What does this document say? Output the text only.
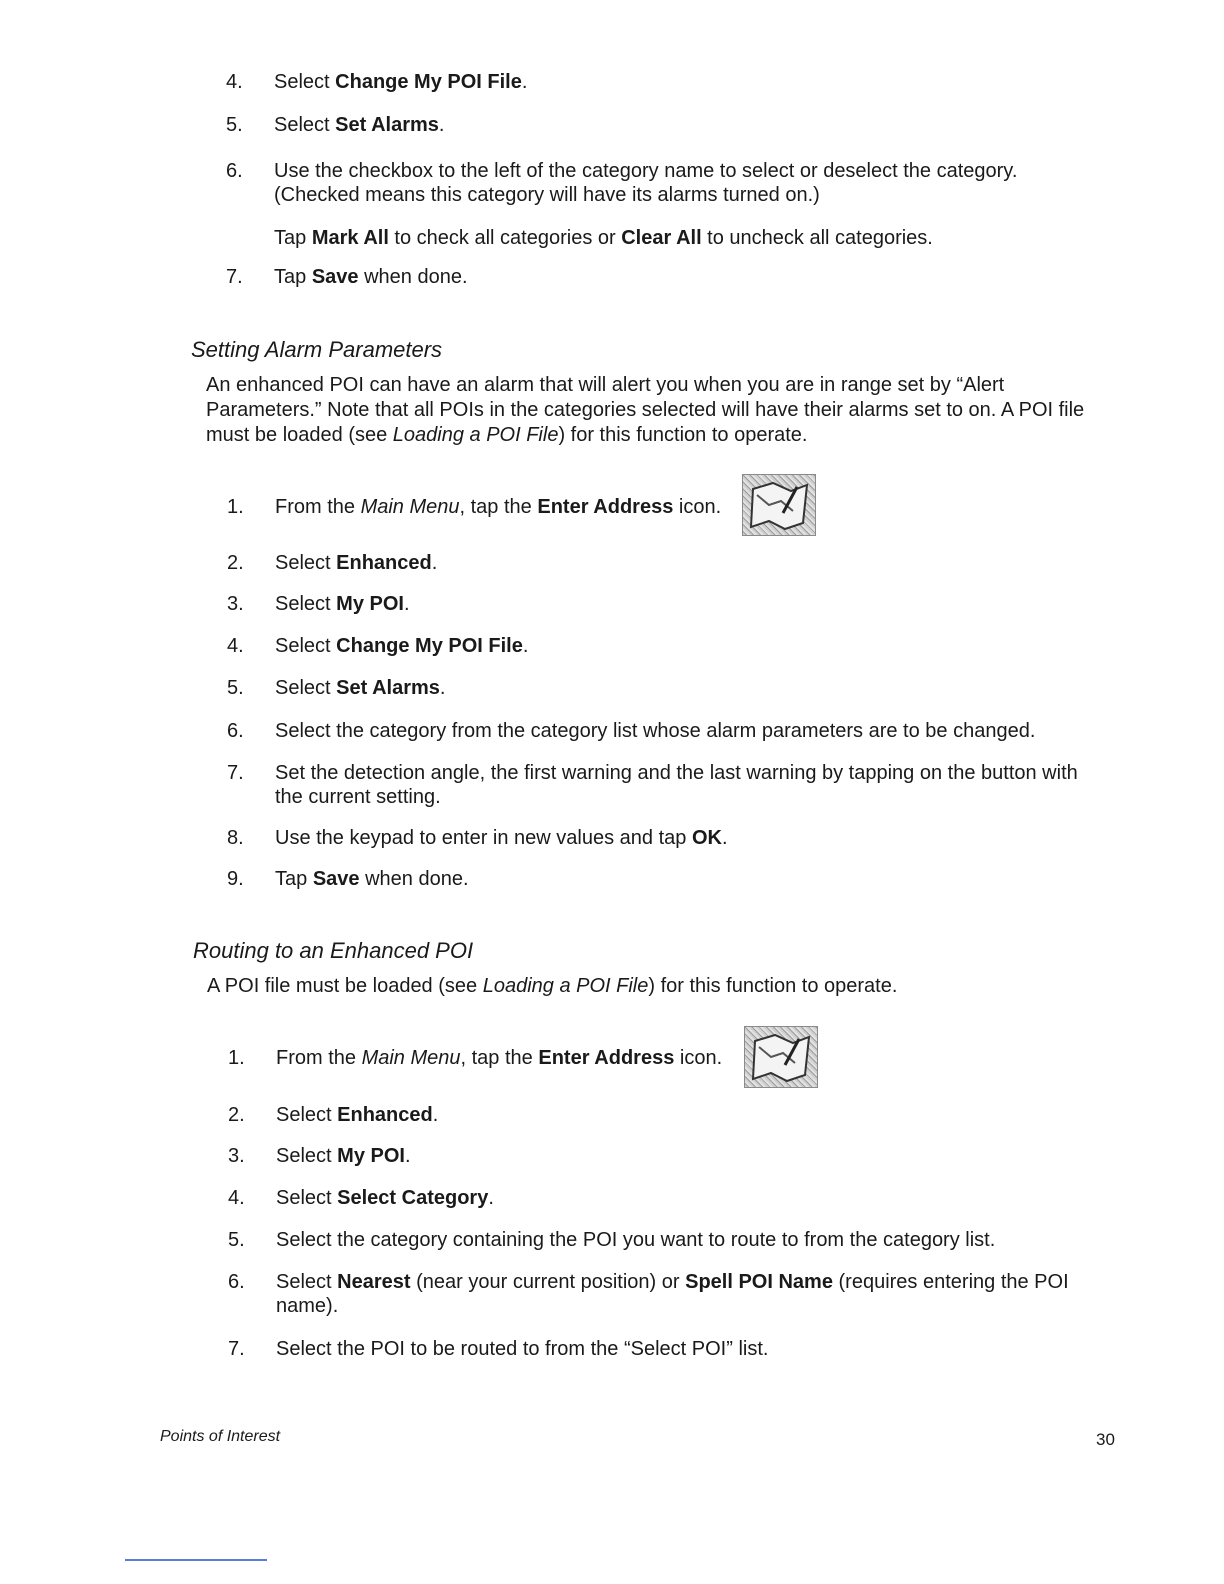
4.	Select Change My POI File.
5.	Select Set Alarms.
6.	Use the checkbox to the left of the category name to select or deselect the category.
(Checked means this category will have its alarms turned on.)
Tap Mark All to check all categories or Clear All to uncheck all categories.
7.	Tap Save when done.
Setting Alarm Parameters
An enhanced POI can have an alarm that will alert you when you are in range set by “Alert Parameters.” Note that all POIs in the categories selected will have their alarms set to on. A POI file must be loaded (see Loading a POI File) for this function to operate.
1.	From the Main Menu, tap the Enter Address icon.
2.	Select Enhanced.
3.	Select My POI.
4.	Select Change My POI File.
5.	Select Set Alarms.
6.	Select the category from the category list whose alarm parameters are to be changed.
7.	Set the detection angle, the first warning and the last warning by tapping on the button with the current setting.
8.	Use the keypad to enter in new values and tap OK.
9.	Tap Save when done.
Routing to an Enhanced POI
A POI file must be loaded (see Loading a POI File) for this function to operate.
1.	From the Main Menu, tap the Enter Address icon.
2.	Select Enhanced.
3.	Select My POI.
4.	Select Select Category.
5.	Select the category containing the POI you want to route to from the category list.
6.	Select Nearest (near your current position) or Spell POI Name (requires entering the POI name).
7.	Select the POI to be routed to from the “Select POI” list.
Points of Interest	30
